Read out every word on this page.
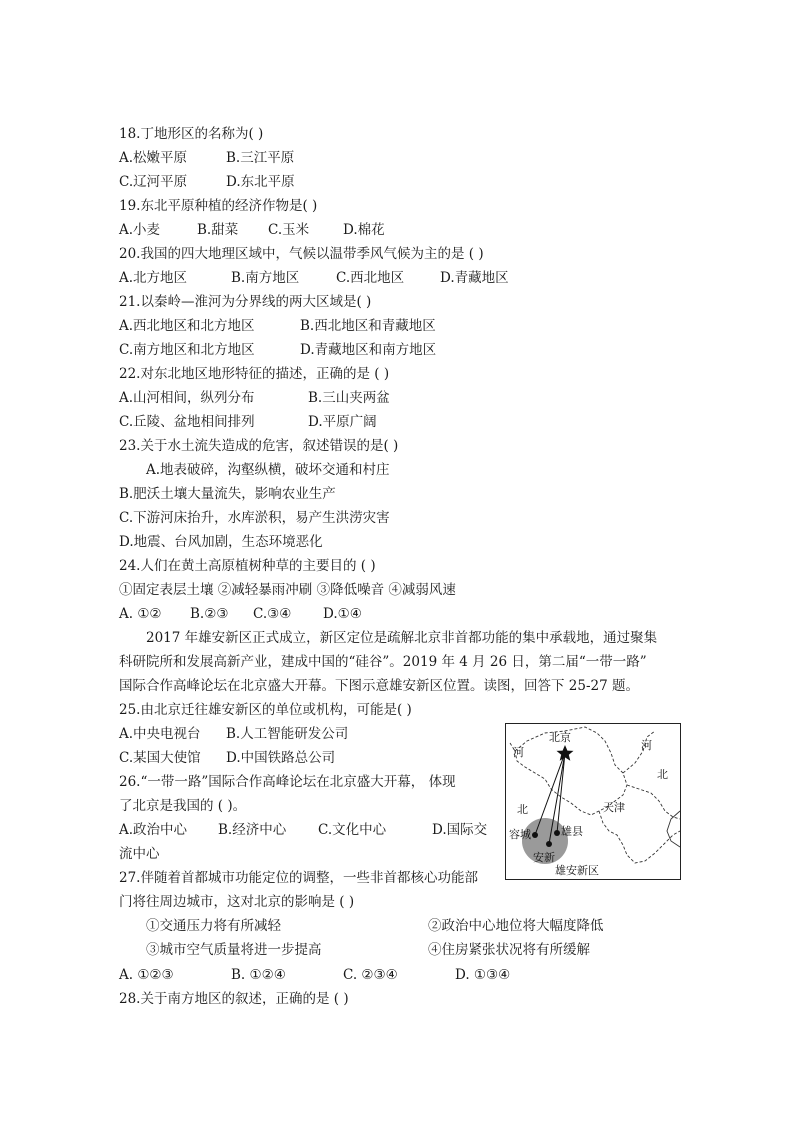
18.丁地形区的名称为( )
A.松嫩平原	B.三江平原
C.辽河平原	D.东北平原
19.东北平原种植的经济作物是( )
A.小麦	B.甜菜 C.玉米	D.棉花
20.我国的四大地理区域中，气候以温带季风气候为主的是 ( )
A.北方地区	B.南方地区	C.西北地区	D.青藏地区
21.以秦岭—淮河为分界线的两大区域是( )
A.西北地区和北方地区	B.西北地区和青藏地区
C.南方地区和北方地区	D.青藏地区和南方地区
22.对东北地区地形特征的描述，正确的是 ( )
A.山河相间，纵列分布	B.三山夹两盆
C.丘陵、盆地相间排列	D.平原广阔
23.关于水土流失造成的危害，叙述错误的是( )
A.地表破碎，沟壑纵横，破坏交通和村庄
B.肥沃土壤大量流失，影响农业生产
C.下游河床抬升，水库淤积，易产生洪涝灾害
D.地震、台风加剧，生态环境恶化
24.人们在黄土高原植树种草的主要目的 ( )
①固定表层土壤 ②减轻暴雨冲刷 ③降低噪音 ④减弱风速
A. ①② B.②③ C.③④ D.①④
2017 年雄安新区正式成立，新区定位是疏解北京非首都功能的集中承载地，通过聚集
科研院所和发展高新产业，建成中国的“硅谷”。2019 年 4 月 26 日，第二届“一带一路”
国际合作高峰论坛在北京盛大开幕。下图示意雄安新区位置。读图，回答下 25-27 题。
25.由北京迁往雄安新区的单位或机构，可能是( )
A.中央电视台 B.人工智能研发公司
C.某国大使馆 D.中国铁路总公司
26.“一带一路”国际合作高峰论坛在北京盛大开幕， 体现
了北京是我国的 ( )。
A.政治中心 B.经济中心 C.文化中心	D.国际交
流中心
27.伴随着首都城市功能定位的调整，一些非首都核心功能部
门将往周边城市，这对北京的影响是 ( )
①交通压力将有所减轻	②政治中心地位将大幅度降低
③城市空气质量将进一步提高	④住房紧张状况将有所缓解
A. ①②③	B. ①②④	C. ②③④	D. ①③④
28.关于南方地区的叙述，正确的是 ( )
北京
河
北
河
北
天津
容城	雄县
安新
雄安新区
